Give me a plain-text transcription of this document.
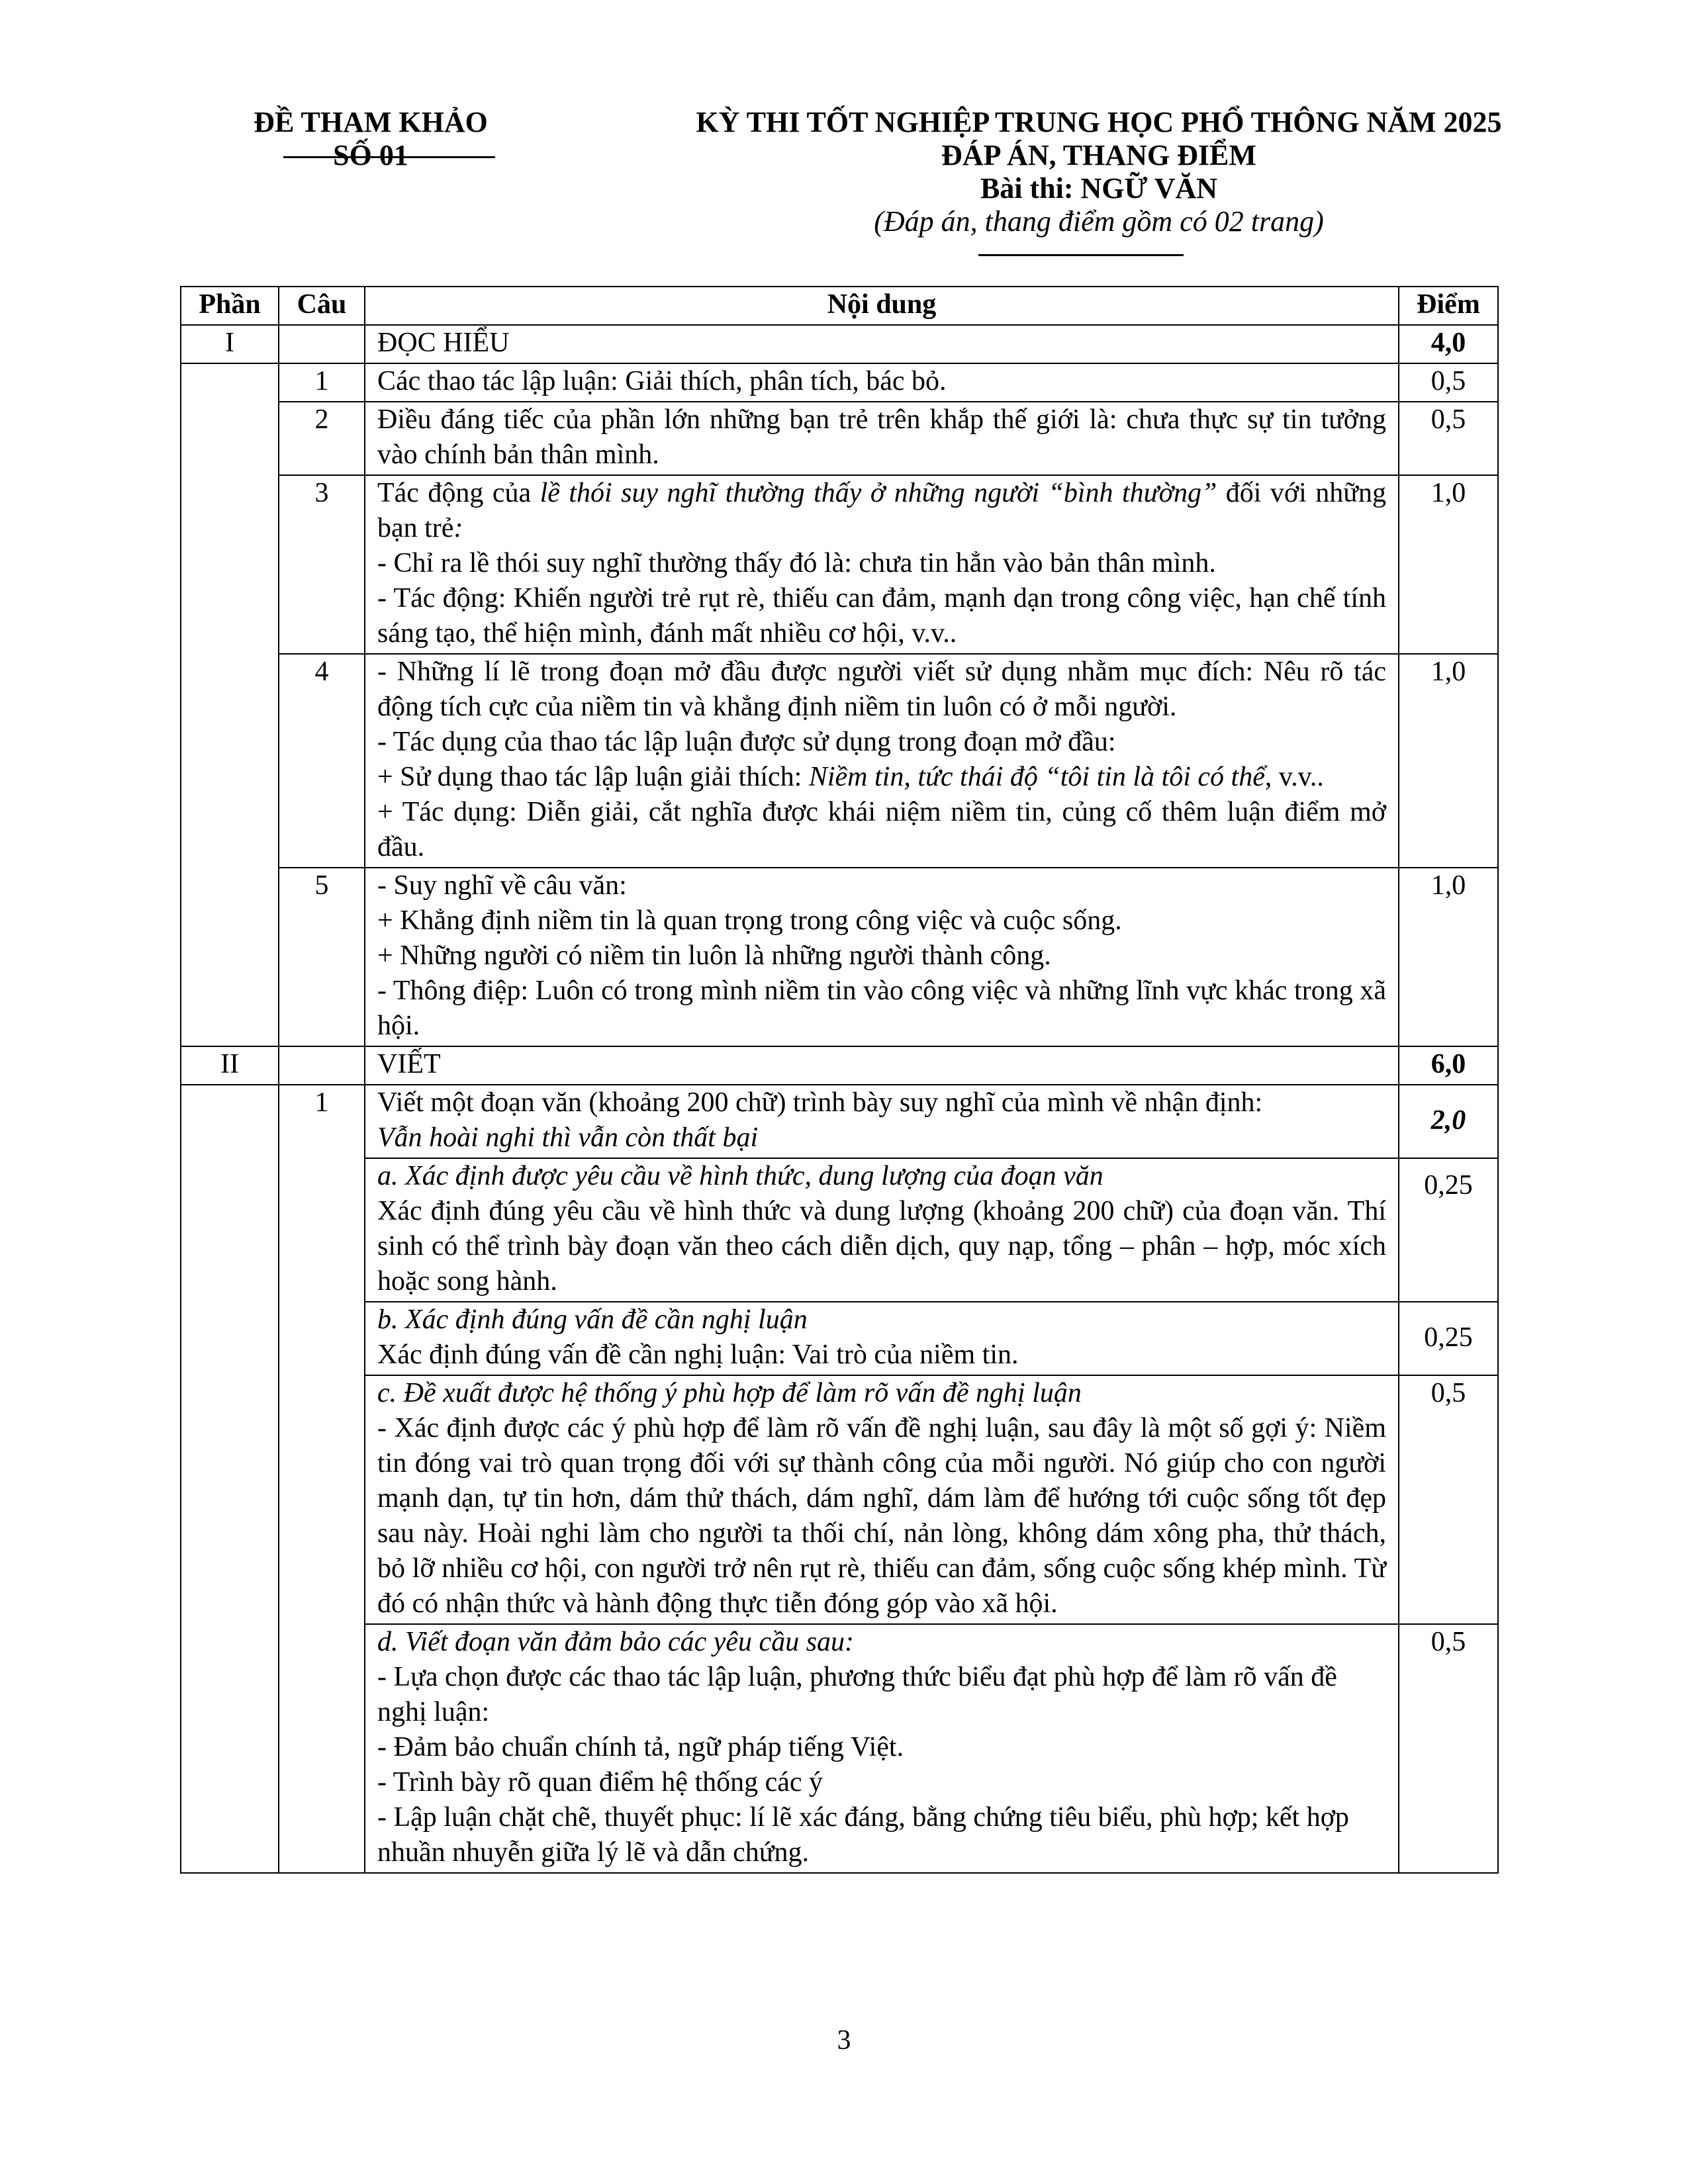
ĐỀ THAM KHẢO SỐ 01
KỲ THI TỐT NGHIỆP TRUNG HỌC PHỔ THÔNG NĂM 2025
ĐÁP ÁN, THANG ĐIỂM
Bài thi: NGỮ VĂN
(Đáp án, thang điểm gồm có 02 trang)
Phần	Câu	Nội dung	Điểm
I		ĐỌC HIỂU	4,0
	1	Các thao tác lập luận: Giải thích, phân tích, bác bỏ.	0,5
	2	Điều đáng tiếc của phần lớn những bạn trẻ trên khắp thế giới là: chưa thực sự tin tưởng vào chính bản thân mình.	0,5
	3	Tác động của lề thói suy nghĩ thường thấy ở những người “bình thường” đối với những bạn trẻ:
- Chỉ ra lề thói suy nghĩ thường thấy đó là: chưa tin hẳn vào bản thân mình.
- Tác động: Khiến người trẻ rụt rè, thiếu can đảm, mạnh dạn trong công việc, hạn chế tính sáng tạo, thể hiện mình, đánh mất nhiều cơ hội, v.v..	1,0
	4	- Những lí lẽ trong đoạn mở đầu được người viết sử dụng nhằm mục đích: Nêu rõ tác động tích cực của niềm tin và khẳng định niềm tin luôn có ở mỗi người.
- Tác dụng của thao tác lập luận được sử dụng trong đoạn mở đầu:
+ Sử dụng thao tác lập luận giải thích: Niềm tin, tức thái độ “tôi tin là tôi có thể, v.v..
+ Tác dụng: Diễn giải, cắt nghĩa được khái niệm niềm tin, củng cố thêm luận điểm mở đầu.	1,0
	5	- Suy nghĩ về câu văn:
+ Khẳng định niềm tin là quan trọng trong công việc và cuộc sống.
+ Những người có niềm tin luôn là những người thành công.
- Thông điệp: Luôn có trong mình niềm tin vào công việc và những lĩnh vực khác trong xã hội.	1,0
II		VIẾT	6,0
	1	Viết một đoạn văn (khoảng 200 chữ) trình bày suy nghĩ của mình về nhận định:
Vẫn hoài nghi thì vẫn còn thất bại	2,0

		a. Xác định được yêu cầu về hình thức, dung lượng của đoạn văn
Xác định đúng yêu cầu về hình thức và dung lượng (khoảng 200 chữ) của đoạn văn. Thí sinh có thể trình bày đoạn văn theo cách diễn dịch, quy nạp, tổng – phân – hợp, móc xích hoặc song hành.	0,25

		b. Xác định đúng vấn đề cần nghị luận
Xác định đúng vấn đề cần nghị luận: Vai trò của niềm tin.	0,25

		c. Đề xuất được hệ thống ý phù hợp để làm rõ vấn đề nghị luận
- Xác định được các ý phù hợp để làm rõ vấn đề nghị luận, sau đây là một số gợi ý: Niềm tin đóng vai trò quan trọng đối với sự thành công của mỗi người. Nó giúp cho con người mạnh dạn, tự tin hơn, dám thử thách, dám nghĩ, dám làm để hướng tới cuộc sống tốt đẹp sau này. Hoài nghi làm cho người ta thối chí, nản lòng, không dám xông pha, thử thách, bỏ lỡ nhiều cơ hội, con người trở nên rụt rè, thiếu can đảm, sống cuộc sống khép mình. Từ đó có nhận thức và hành động thực tiễn đóng góp vào xã hội.	0,5

		d. Viết đoạn văn đảm bảo các yêu cầu sau:
- Lựa chọn được các thao tác lập luận, phương thức biểu đạt phù hợp để làm rõ vấn đề nghị luận:
- Đảm bảo chuẩn chính tả, ngữ pháp tiếng Việt.
- Trình bày rõ quan điểm hệ thống các ý
- Lập luận chặt chẽ, thuyết phục: lí lẽ xác đáng, bằng chứng tiêu biểu, phù hợp; kết hợp nhuần nhuyễn giữa lý lẽ và dẫn chứng.	0,5
3
